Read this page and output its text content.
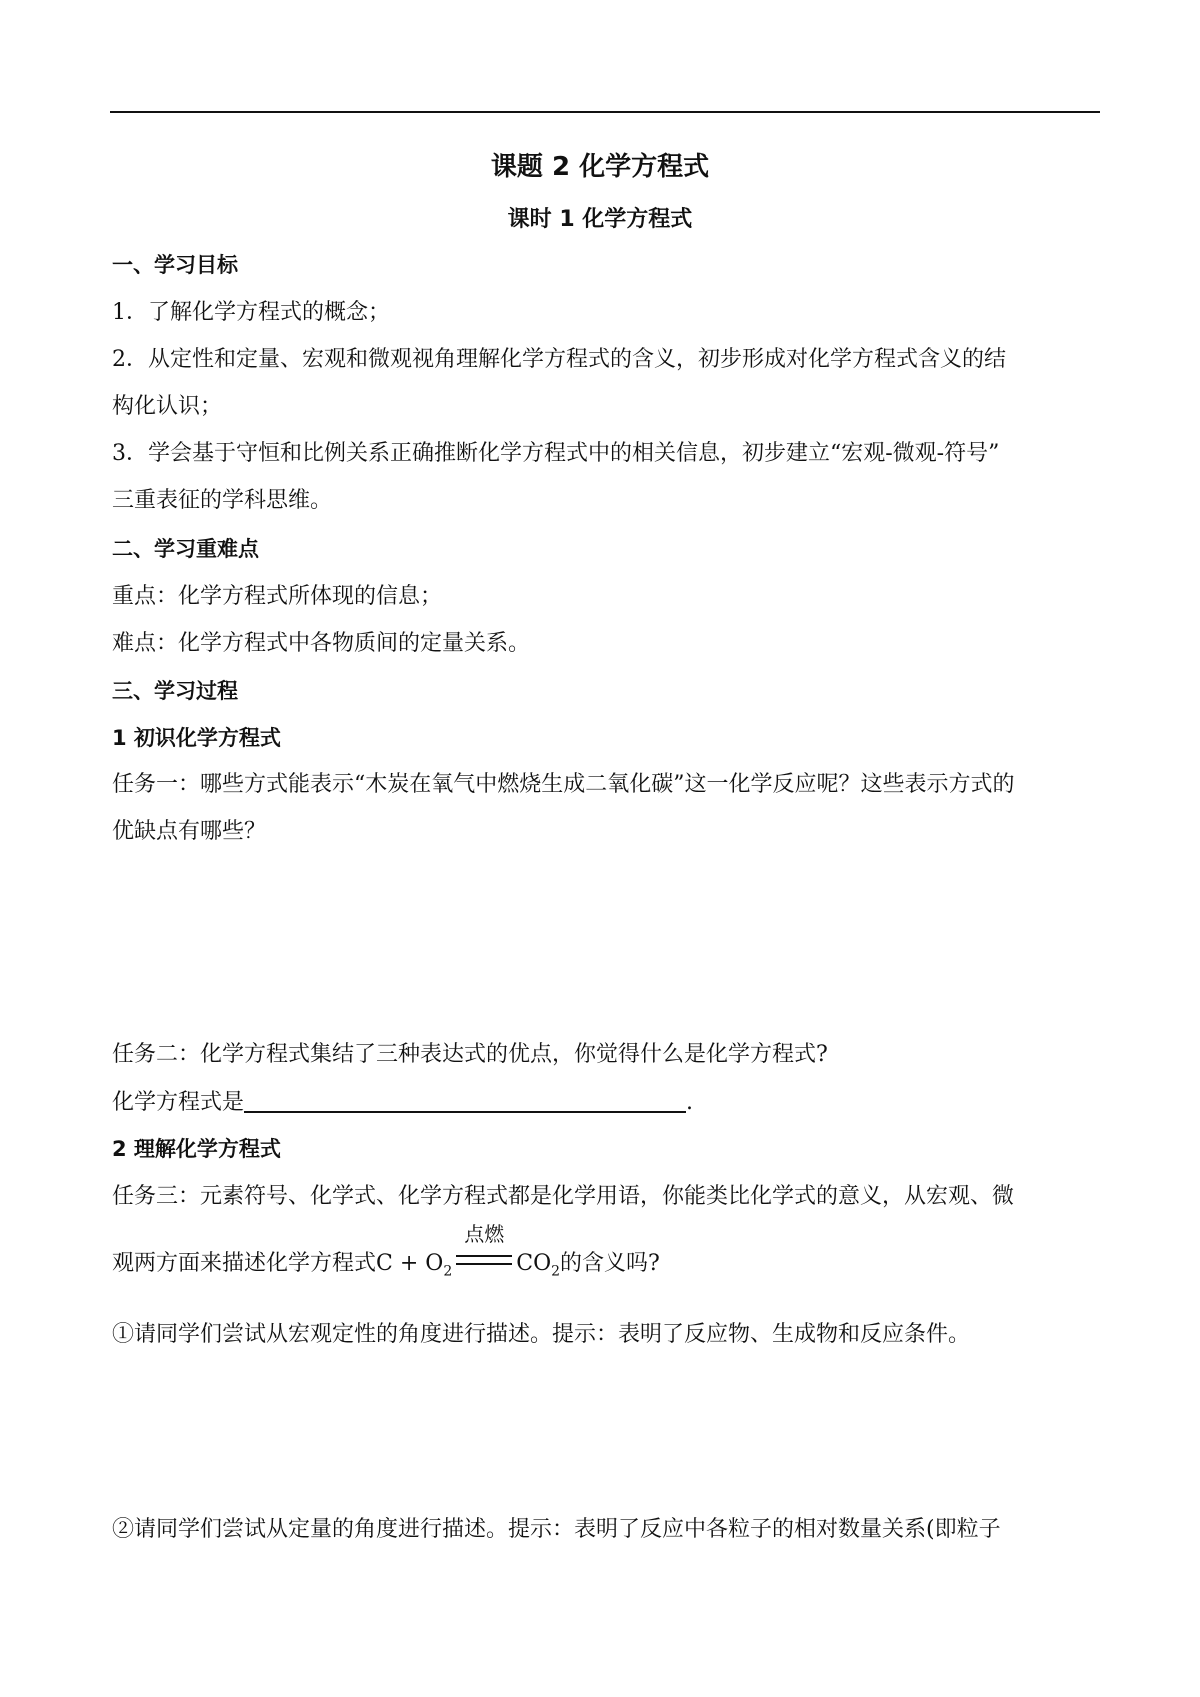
课题 2 化学方程式
课时 1 化学方程式
一、学习目标
1．了解化学方程式的概念；
2．从定性和定量、宏观和微观视角理解化学方程式的含义，初步形成对化学方程式含义的结
构化认识；
3．学会基于守恒和比例关系正确推断化学方程式中的相关信息，初步建立“宏观-微观-符号”
三重表征的学科思维。
二、学习重难点
重点：化学方程式所体现的信息；
难点：化学方程式中各物质间的定量关系。
三、学习过程
1 初识化学方程式
任务一：哪些方式能表示“木炭在氧气中燃烧生成二氧化碳”这一化学反应呢？这些表示方式的
优缺点有哪些？
任务二：化学方程式集结了三种表达式的优点，你觉得什么是化学方程式?
化学方程式是	.
2 理解化学方程式
任务三：元素符号、化学式、化学方程式都是化学用语，你能类比化学式的意义，从宏观、微
观两方面来描述化学方程式$C + O_2$
点燃
$CO_2$的含义吗?
①请同学们尝试从宏观定性的角度进行描述。提示：表明了反应物、生成物和反应条件。
②请同学们尝试从定量的角度进行描述。提示：表明了反应中各粒子的相对数量关系(即粒子
